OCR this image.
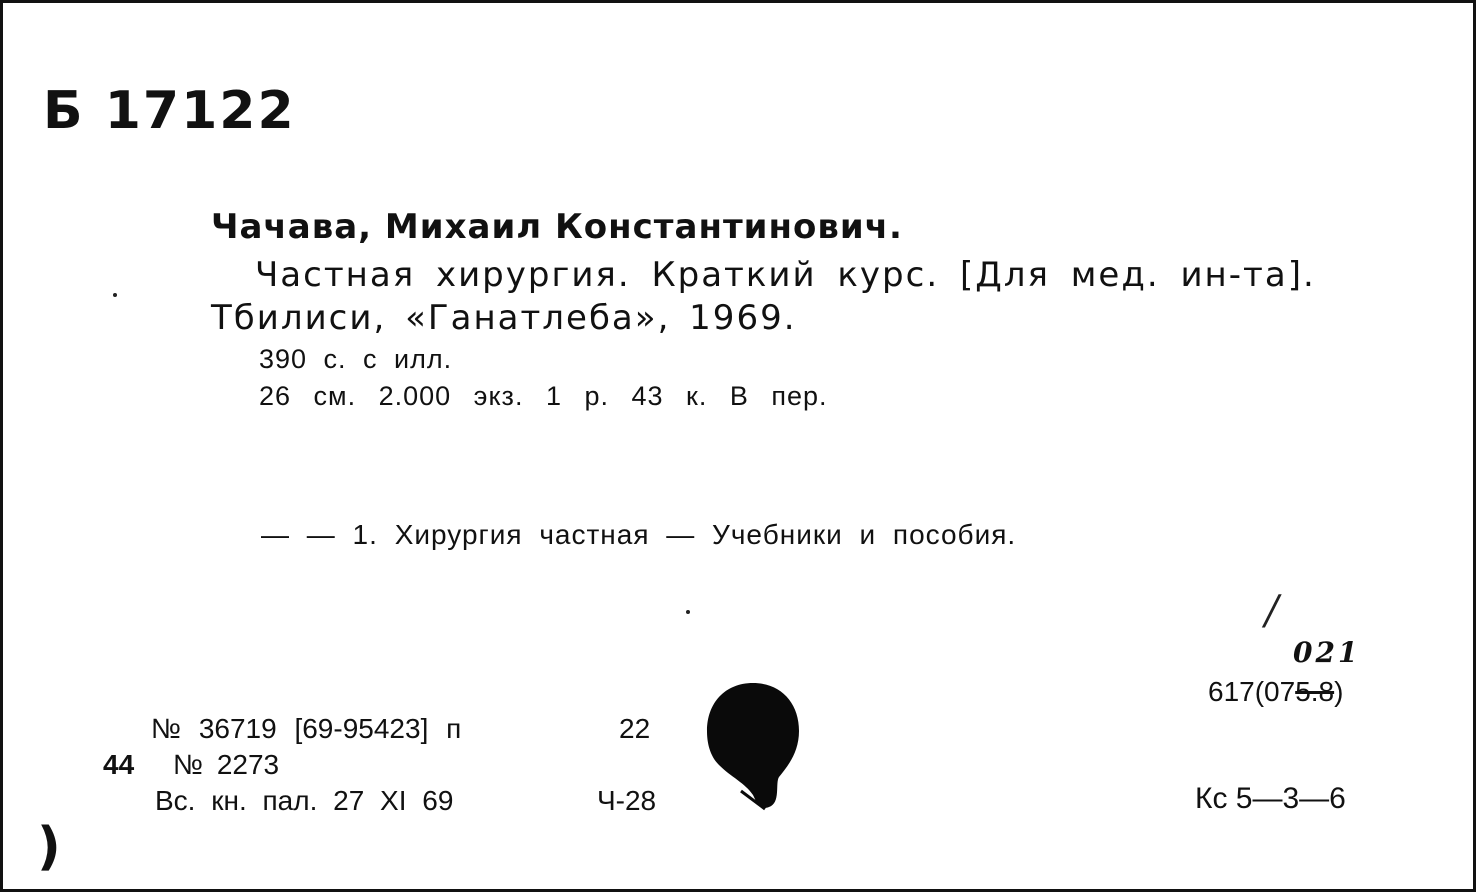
Б 17122
Чачава, Михаил Константинович.
Частная хирургия. Краткий курс. [Для мед. ин-та].
Тбилиси, «Ганатлеба», 1969.
390 с. с илл.
26 см. 2.000 экз. 1 р. 43 к. В пер.
— — 1. Хирургия частная — Учебники и пособия.
/
021
617(075.8)
№ 36719 [69-95423] п	22
44 № 2273
Вс. кн. пал. 27 XI 69	Ч-28	Кс 5—3—6
)
